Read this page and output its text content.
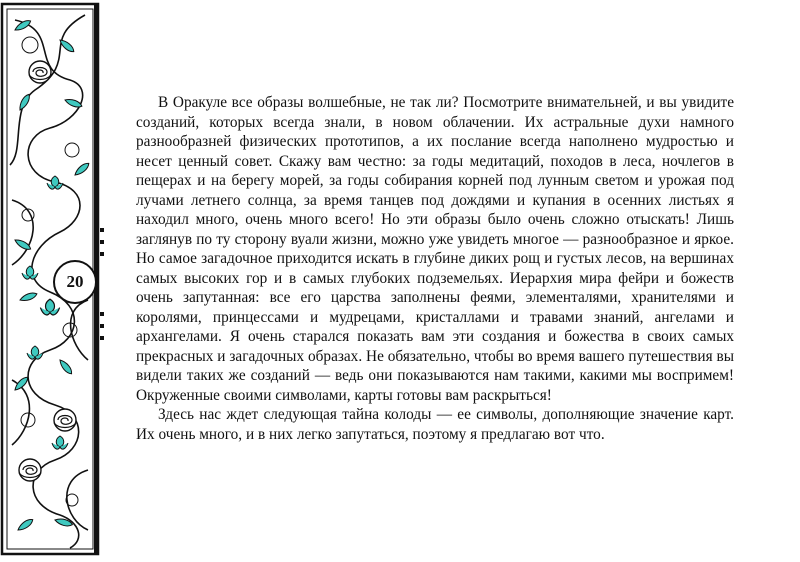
20

В Оракуле все образы волшебные, не так ли? Посмотрите внимательней, и вы увидите созданий, которых всегда знали, в новом облачении. Их астральные духи намного разнообразней физических прототипов, а их послание всегда наполнено мудростью и несет ценный совет. Скажу вам честно: за годы медитаций, походов в леса, ночлегов в пещерах и на берегу морей, за годы собирания корней под лунным светом и урожая под лучами летнего солнца, за время танцев под дождями и купания в осенних листьях я находил много, очень много всего! Но эти образы было очень сложно отыскать! Лишь заглянув по ту сторону вуали жизни, можно уже увидеть многое — разнообразное и яркое. Но самое загадочное приходится искать в глубине диких рощ и густых лесов, на вершинах самых высоких гор и в самых глубоких подземельях. Иерархия мира фейри и божеств очень запутанная: все его царства заполнены феями, элементалями, хранителями и королями, принцессами и мудрецами, кристаллами и травами знаний, ангелами и архангелами. Я очень старался показать вам эти создания и божества в своих самых прекрасных и загадочных образах. Не обязательно, чтобы во время вашего путешествия вы видели таких же созданий — ведь они показываются нам такими, какими мы воспримем! Окруженные своими символами, карты готовы вам раскрыться!

Здесь нас ждет следующая тайна колоды — ее символы, дополняющие значение карт. Их очень много, и в них легко запутаться, поэтому я предлагаю вот что.
